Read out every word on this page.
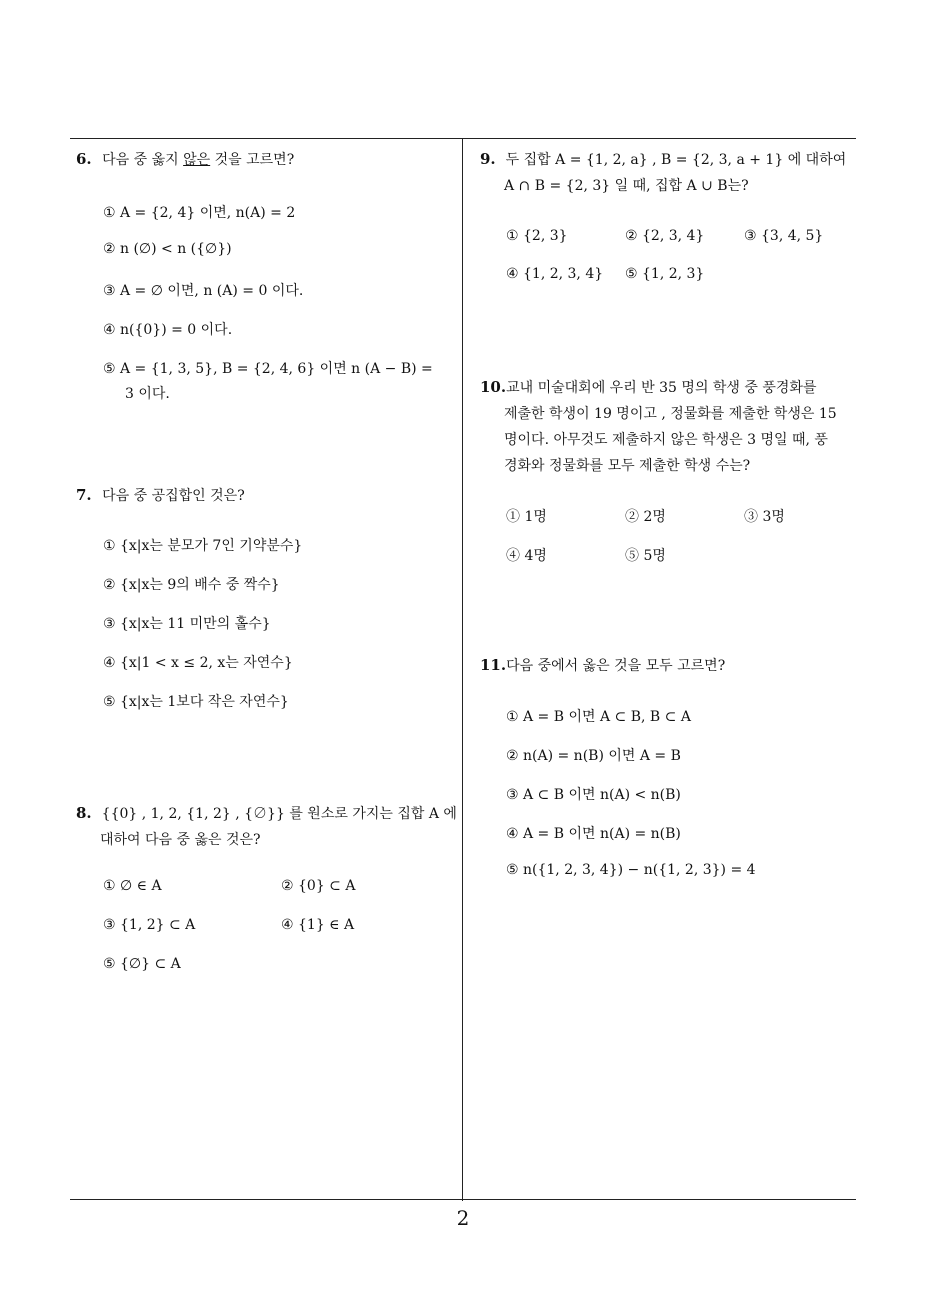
6. 다음 중 옳지 않은 것을 고르면?
① A = {2, 4} 이면, n(A) = 2
② n (∅) < n ({∅})
③ A = ∅ 이면, n (A) = 0 이다.
④ n({0}) = 0 이다.
⑤ A = {1, 3, 5}, B = {2, 4, 6} 이면 n (A − B) =
3 이다.
7. 다음 중 공집합인 것은?
① {x|x는 분모가 7인 기약분수}
② {x|x는 9의 배수 중 짝수}
③ {x|x는 11 미만의 홀수}
④ {x|1 < x ≤ 2, x는 자연수}
⑤ {x|x는 1보다 작은 자연수}
8. {{0} , 1, 2, {1, 2} , {∅}} 를 원소로 가지는 집합 A 에
대하여 다음 중 옳은 것은?
① ∅ ∈ A	② {0} ⊂ A
③ {1, 2} ⊂ A	④ {1} ∈ A
⑤ {∅} ⊂ A
9. 두 집합 A = {1, 2, a} , B = {2, 3, a + 1} 에 대하여
A ∩ B = {2, 3} 일 때, 집합 A ∪ B는?
① {2, 3}	② {2, 3, 4}	③ {3, 4, 5}
④ {1, 2, 3, 4} ⑤ {1, 2, 3}
10.교내 미술대회에 우리 반 35 명의 학생 중 풍경화를
제출한 학생이 19 명이고 , 정물화를 제출한 학생은 15
명이다. 아무것도 제출하지 않은 학생은 3 명일 때, 풍
경화와 정물화를 모두 제출한 학생 수는?
① 1명	② 2명	③ 3명
④ 4명	⑤ 5명
11.다음 중에서 옳은 것을 모두 고르면?
① A = B 이면 A ⊂ B, B ⊂ A
② n(A) = n(B) 이면 A = B
③ A ⊂ B 이면 n(A) < n(B)
④ A = B 이면 n(A) = n(B)
⑤ n({1, 2, 3, 4}) − n({1, 2, 3}) = 4
2
